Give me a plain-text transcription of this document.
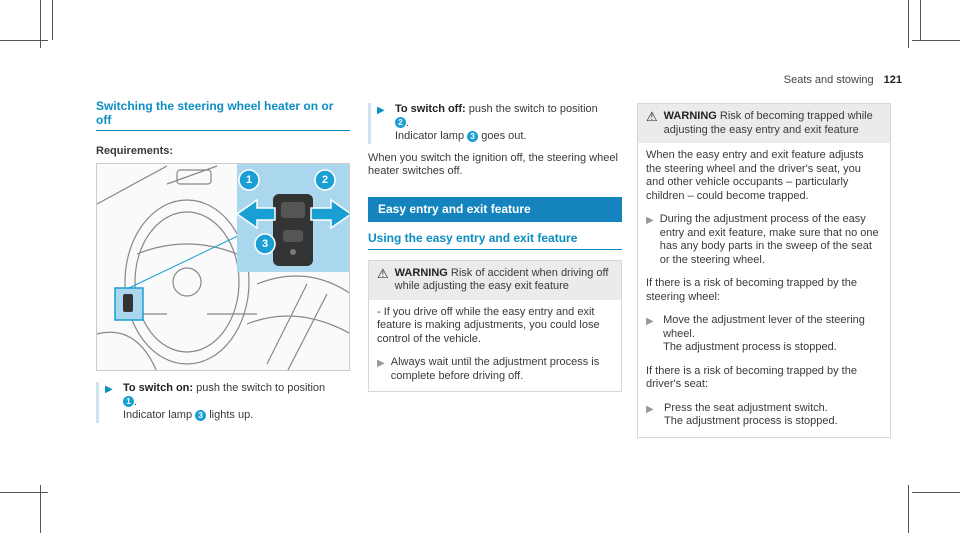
Seats and stowing 121
Switching the steering wheel heater on or off
Requirements:
1	2
3
▶ To switch on: push the switch to position
1 .
Indicator lamp 3 lights up.
▶ To switch off: push the switch to position
2 .
Indicator lamp 3 goes out.
When you switch the ignition off, the steering wheel heater switches off.
Easy entry and exit feature
Using the easy entry and exit feature
⚠ WARNING Risk of accident when driving off while adjusting the easy exit feature
- If you drive off while the easy entry and exit feature is making adjustments, you could lose control of the vehicle.
▶ Always wait until the adjustment process is complete before driving off.
⚠ WARNING Risk of becoming trapped while adjusting the easy entry and exit feature
When the easy entry and exit feature adjusts the steering wheel and the driver's seat, you and other vehicle occupants – particularly children – could become trapped.
▶ During the adjustment process of the easy entry and exit feature, make sure that no one has any body parts in the sweep of the seat or the steering wheel.
If there is a risk of becoming trapped by the steering wheel:
▶ Move the adjustment lever of the steering wheel.
The adjustment process is stopped.
If there is a risk of becoming trapped by the driver's seat:
▶ Press the seat adjustment switch.
The adjustment process is stopped.
